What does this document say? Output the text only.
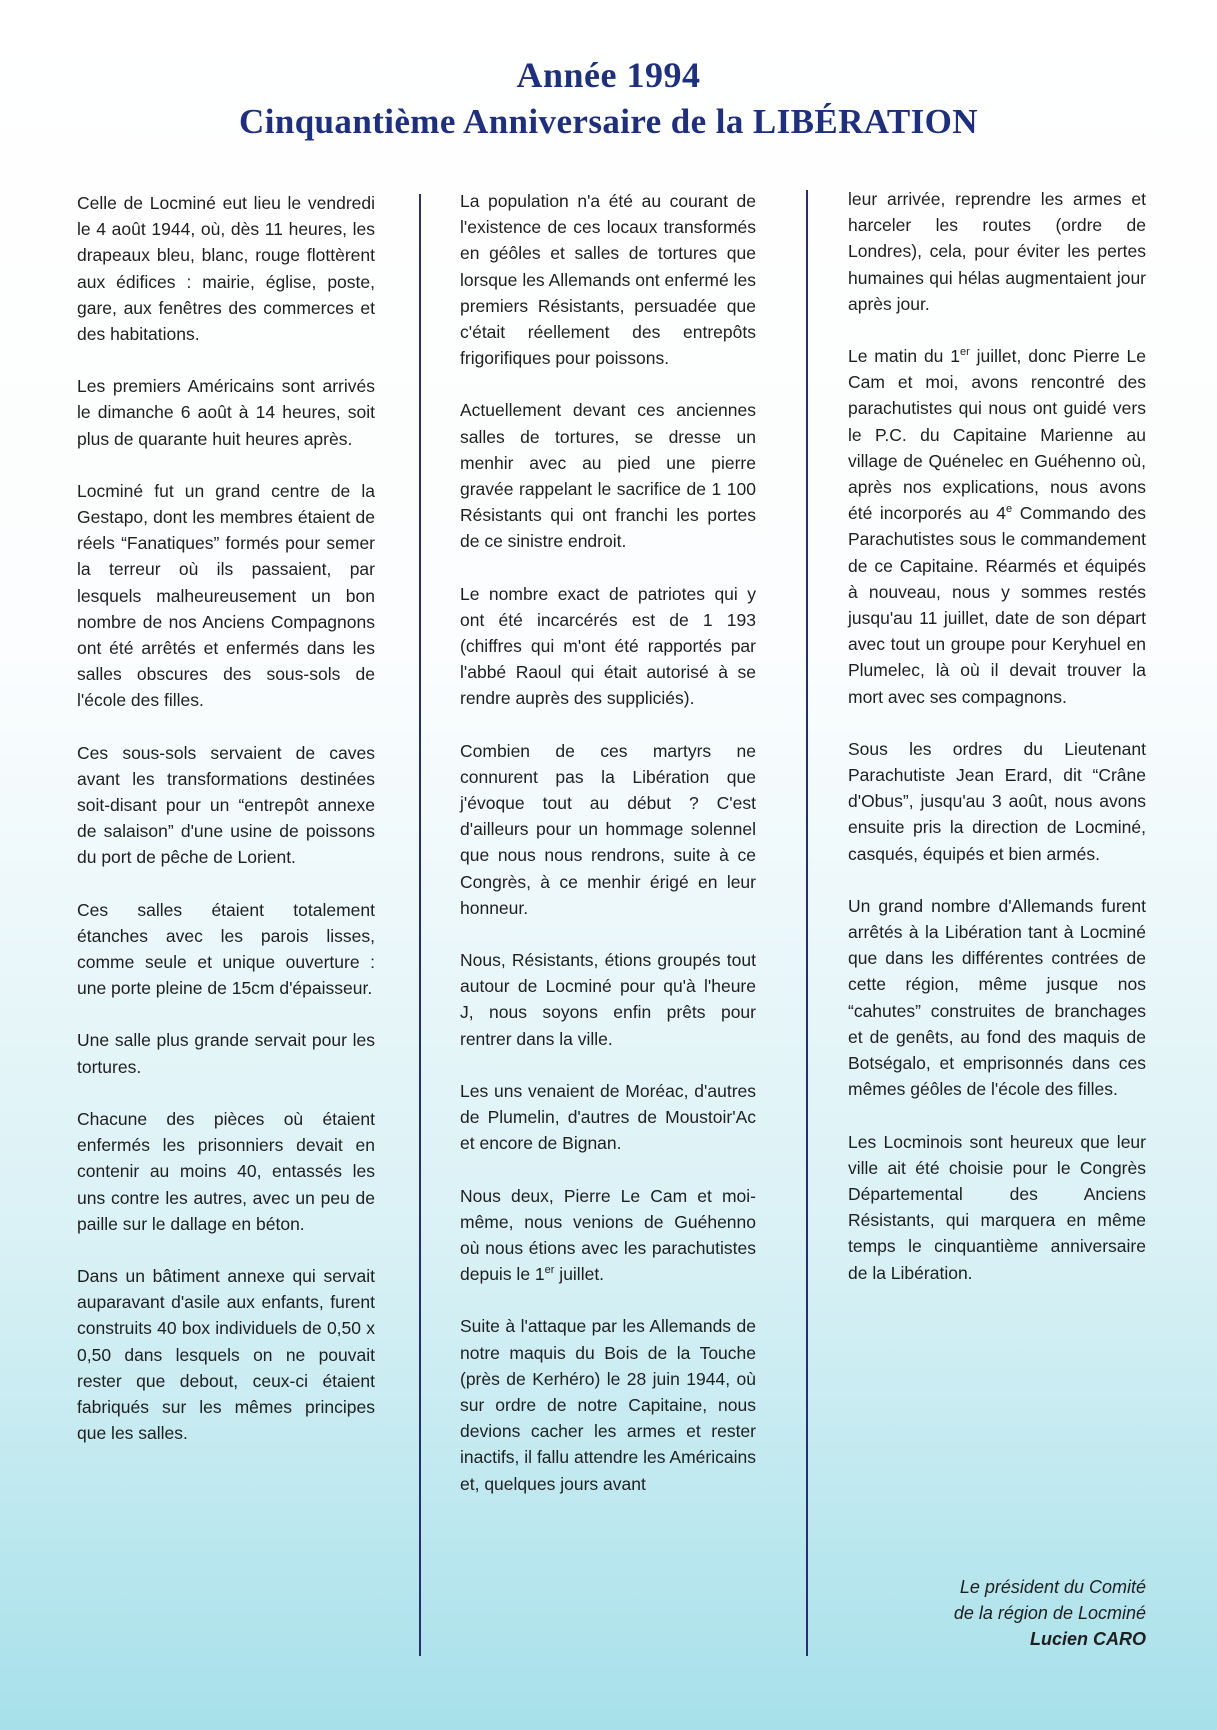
Année 1994
Cinquantième Anniversaire de la LIBÉRATION

Celle de Locminé eut lieu le vendredi le 4 août 1944, où, dès 11 heures, les drapeaux bleu, blanc, rouge flottèrent aux édifices : mairie, église, poste, gare, aux fenêtres des commerces et des habitations.

Les premiers Américains sont arrivés le dimanche 6 août à 14 heures, soit plus de quarante huit heures après.

Locminé fut un grand centre de la Gestapo, dont les membres étaient de réels “Fanatiques” formés pour semer la terreur où ils passaient, par lesquels malheureusement un bon nombre de nos Anciens Compagnons ont été arrêtés et enfermés dans les salles obscures des sous-sols de l'école des filles.

Ces sous-sols servaient de caves avant les transformations destinées soit-disant pour un “entrepôt annexe de salaison” d'une usine de poissons du port de pêche de Lorient.

Ces salles étaient totalement étanches avec les parois lisses, comme seule et unique ouverture : une porte pleine de 15cm d'épaisseur.

Une salle plus grande servait pour les tortures.

Chacune des pièces où étaient enfermés les prisonniers devait en contenir au moins 40, entassés les uns contre les autres, avec un peu de paille sur le dallage en béton.

Dans un bâtiment annexe qui servait auparavant d'asile aux enfants, furent construits 40 box individuels de 0,50 x 0,50 dans lesquels on ne pouvait rester que debout, ceux-ci étaient fabriqués sur les mêmes principes que les salles.

La population n'a été au courant de l'existence de ces locaux transformés en géôles et salles de tortures que lorsque les Allemands ont enfermé les premiers Résistants, persuadée que c'était réellement des entrepôts frigorifiques pour poissons.

Actuellement devant ces anciennes salles de tortures, se dresse un menhir avec au pied une pierre gravée rappelant le sacrifice de 1 100 Résistants qui ont franchi les portes de ce sinistre endroit.

Le nombre exact de patriotes qui y ont été incarcérés est de 1 193 (chiffres qui m'ont été rapportés par l'abbé Raoul qui était autorisé à se rendre auprès des suppliciés).

Combien de ces martyrs ne connurent pas la Libération que j'évoque tout au début ? C'est d'ailleurs pour un hommage solennel que nous nous rendrons, suite à ce Congrès, à ce menhir érigé en leur honneur.

Nous, Résistants, étions groupés tout autour de Locminé pour qu'à l'heure J, nous soyons enfin prêts pour rentrer dans la ville.

Les uns venaient de Moréac, d'autres de Plumelin, d'autres de Moustoir'Ac et encore de Bignan.

Nous deux, Pierre Le Cam et moi-même, nous venions de Guéhenno où nous étions avec les parachutistes depuis le 1er juillet.

Suite à l'attaque par les Allemands de notre maquis du Bois de la Touche (près de Kerhéro) le 28 juin 1944, où sur ordre de notre Capitaine, nous devions cacher les armes et rester inactifs, il fallu attendre les Américains et, quelques jours avant

leur arrivée, reprendre les armes et harceler les routes (ordre de Londres), cela, pour éviter les pertes humaines qui hélas augmentaient jour après jour.

Le matin du 1er juillet, donc Pierre Le Cam et moi, avons rencontré des parachutistes qui nous ont guidé vers le P.C. du Capitaine Marienne au village de Quénelec en Guéhenno où, après nos explications, nous avons été incorporés au 4e Commando des Parachutistes sous le commandement de ce Capitaine. Réarmés et équipés à nouveau, nous y sommes restés jusqu'au 11 juillet, date de son départ avec tout un groupe pour Keryhuel en Plumelec, là où il devait trouver la mort avec ses compagnons.

Sous les ordres du Lieutenant Parachutiste Jean Erard, dit “Crâne d'Obus”, jusqu'au 3 août, nous avons ensuite pris la direction de Locminé, casqués, équipés et bien armés.

Un grand nombre d'Allemands furent arrêtés à la Libération tant à Locminé que dans les différentes contrées de cette région, même jusque nos “cahutes” construites de branchages et de genêts, au fond des maquis de Botségalo, et emprisonnés dans ces mêmes géôles de l'école des filles.

Les Locminois sont heureux que leur ville ait été choisie pour le Congrès Départemental des Anciens Résistants, qui marquera en même temps le cinquantième anniversaire de la Libération.

Le président du Comité
de la région de Locminé
Lucien CARO
